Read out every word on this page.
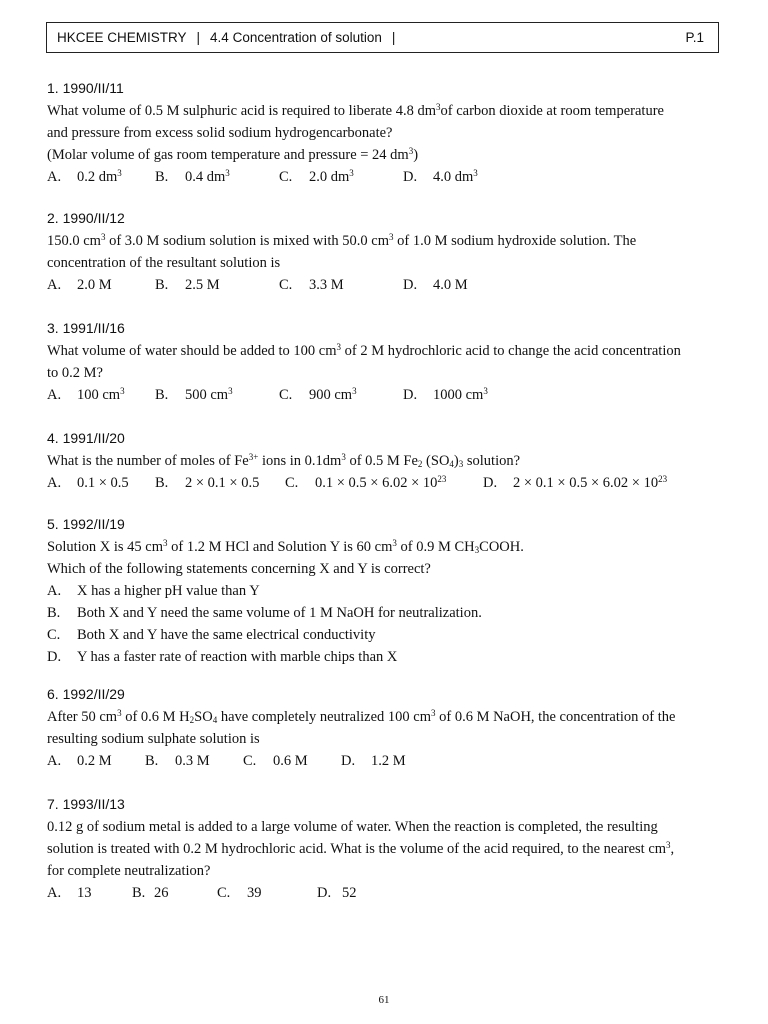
HKCEE CHEMISTRY | 4.4 Concentration of solution |	P.1
1. 1990/II/11
What volume of 0.5 M sulphuric acid is required to liberate 4.8 $dm^3of$ carbon dioxide at room temperature
and pressure from excess solid sodium hydrogencarbonate?
(Molar volume of gas room temperature and pressure = 24 $dm^3$)
A. 0.2 $dm^3$ B. 0.4 $dm^3$	C. 2.0 $dm^3$	D. 4.0 $dm^3$
2. 1990/II/12
150.0 $cm^3$ of 3.0 M sodium solution is mixed with 50.0 $cm^3$ of 1.0 M sodium hydroxide solution. The
concentration of the resultant solution is
A. 2.0 M	B. 2.5 M	C. 3.3 M	D. 4.0 M
3. 1991/II/16
What volume of water should be added to 100 $cm^3$ of 2 M hydrochloric acid to change the acid concentration
to 0.2 M?
A. 100 $cm^3$ B. 500 $cm^3$	C. 900 $cm^3$	D. 1000 $cm^3$
4. 1991/II/20
What is the number of moles of $Fe^{3+}$ ions in $0.1dm^3$ of 0.5 M $Fe_2$ $(SO_4)_3$ solution?
A. 0.1 × 0.5 B. 2 × 0.1 × 0.5 C. $0.1 \times 0.5 \times 6.02 \times 10^{23}$	D. $2 \times 0.1 \times 0.5 \times 6.02 \times 10^{23}$
5. 1992/II/19
Solution X is 45 $cm^3$ of 1.2 M HCl and Solution Y is 60 $cm^3$ of 0.9 M $CH_3COOH$.
Which of the following statements concerning X and Y is correct?
A. X has a higher pH value than Y
B. Both X and Y need the same volume of 1 M NaOH for neutralization.
C. Both X and Y have the same electrical conductivity
D. Y has a faster rate of reaction with marble chips than X
6. 1992/II/29
After 50 $cm^3$ of 0.6 M $H_2SO_4$ have completely neutralized 100 $cm^3$ of 0.6 M NaOH, the concentration of the
resulting sodium sulphate solution is
A. 0.2 M B. 0.3 M C. 0.6 M D. 1.2 M
7. 1993/II/13
0.12 g of sodium metal is added to a large volume of water. When the reaction is completed, the resulting
solution is treated with 0.2 M hydrochloric acid. What is the volume of the acid required, to the nearest $cm^3$,
for complete neutralization?
A. 13	B. 26	C. 39	D. 52
61
